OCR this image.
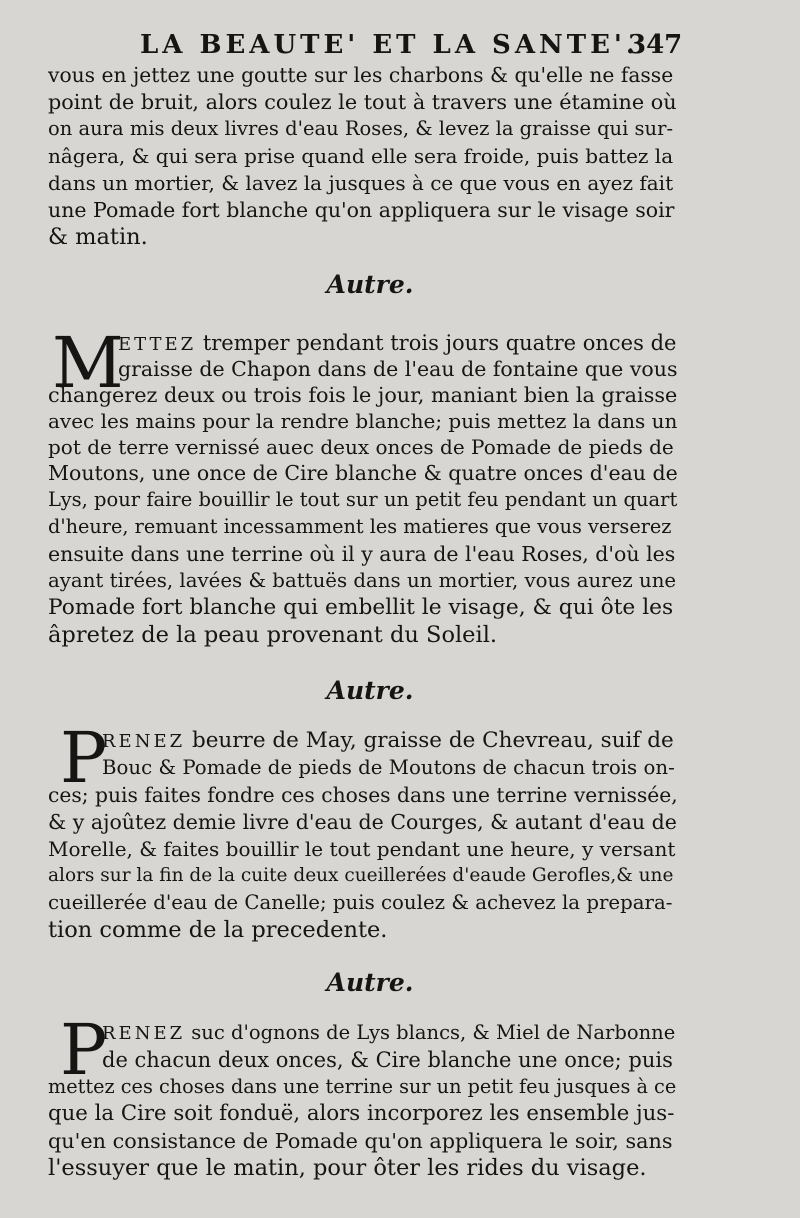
LA BEAUTE' ET LA SANTE'.
347
vous en jettez une goutte sur les charbons & qu'elle ne fasse
point de bruit, alors coulez le tout à travers une étamine où
on aura mis deux livres d'eau Roses, & levez la graisse qui sur-
nâgera, & qui sera prise quand elle sera froide, puis battez la
dans un mortier, & lavez la jusques à ce que vous en ayez fait
une Pomade fort blanche qu'on appliquera sur le visage soir
& matin.
Autre.
M
ETTEZ tremper pendant trois jours quatre onces de
graisse de Chapon dans de l'eau de fontaine que vous
changerez deux ou trois fois le jour, maniant bien la graisse
avec les mains pour la rendre blanche; puis mettez la dans un
pot de terre vernissé auec deux onces de Pomade de pieds de
Moutons, une once de Cire blanche & quatre onces d'eau de
Lys, pour faire bouillir le tout sur un petit feu pendant un quart
d'heure, remuant incessamment les matieres que vous verserez
ensuite dans une terrine où il y aura de l'eau Roses, d'où les
ayant tirées, lavées & battuës dans un mortier, vous aurez une
Pomade fort blanche qui embellit le visage, & qui ôte les
âpretez de la peau provenant du Soleil.
Autre.
P
RENEZ beurre de May, graisse de Chevreau, suif de
Bouc & Pomade de pieds de Moutons de chacun trois on-
ces; puis faites fondre ces choses dans une terrine vernissée,
& y ajoûtez demie livre d'eau de Courges, & autant d'eau de
Morelle, & faites bouillir le tout pendant une heure, y versant
alors sur la fin de la cuite deux cueillerées d'eaude Gerofles,& une
cueillerée d'eau de Canelle; puis coulez & achevez la prepara-
tion comme de la precedente.
Autre.
P
RENEZ suc d'ognons de Lys blancs, & Miel de Narbonne
de chacun deux onces, & Cire blanche une once; puis
mettez ces choses dans une terrine sur un petit feu jusques à ce
que la Cire soit fonduë, alors incorporez les ensemble jus-
qu'en consistance de Pomade qu'on appliquera le soir, sans
l'essuyer que le matin, pour ôter les rides du visage.
